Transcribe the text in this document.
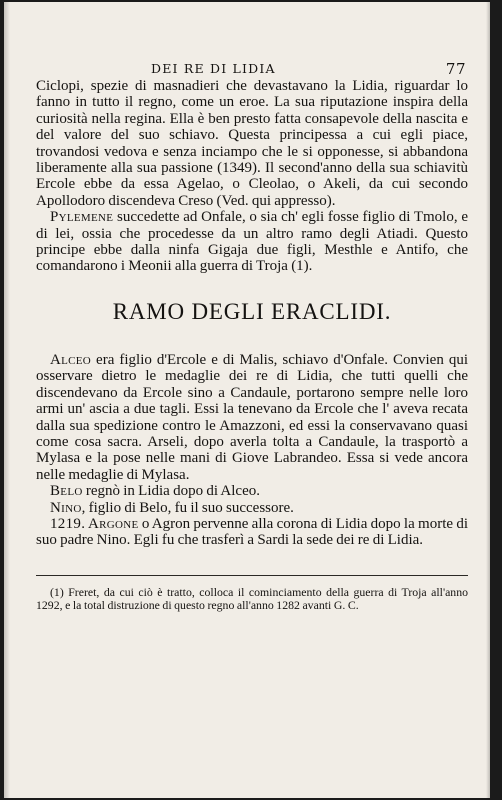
DEI RE DI LIDIA	77

Ciclopi, spezie di masnadieri che devastavano la Lidia, riguardar lo fanno in tutto il regno, come un eroe. La sua riputazione inspira della curiosità nella regina. Ella è ben presto fatta consapevole della nascita e del valore del suo schiavo. Questa principessa a cui egli piace, trovandosi vedova e senza inciampo che le si opponesse, si abbandona liberamente alla sua passione (1349). Il second'anno della sua schiavitù Ercole ebbe da essa Agelao, o Cleolao, o Akeli, da cui secondo Apollodoro discendeva Creso (Ved. qui appresso).

Pylemene succedette ad Onfale, o sia ch' egli fosse figlio di Tmolo, e di lei, ossia che procedesse da un altro ramo degli Atiadi. Questo principe ebbe dalla ninfa Gigaja due figli, Mesthle e Antifo, che comandarono i Meonii alla guerra di Troja (1).

RAMO DEGLI ERACLIDI.

Alceo era figlio d'Ercole e di Malis, schiavo d'Onfale. Convien qui osservare dietro le medaglie dei re di Lidia, che tutti quelli che discendevano da Ercole sino a Candaule, portarono sempre nelle loro armi un' ascia a due tagli. Essi la tenevano da Ercole che l' aveva recata dalla sua spedizione contro le Amazzoni, ed essi la conservavano quasi come cosa sacra. Arseli, dopo averla tolta a Candaule, la trasportò a Mylasa e la pose nelle mani di Giove Labrandeo. Essa si vede ancora nelle medaglie di Mylasa.

Belo regnò in Lidia dopo di Alceo.

Nino, figlio di Belo, fu il suo successore.

1219. Argone o Agron pervenne alla corona di Lidia dopo la morte di suo padre Nino. Egli fu che trasferì a Sardi la sede dei re di Lidia.

(1) Freret, da cui ciò è tratto, colloca il cominciamento della guerra di Troja all'anno 1292, e la total distruzione di questo regno all'anno 1282 avanti G. C.
